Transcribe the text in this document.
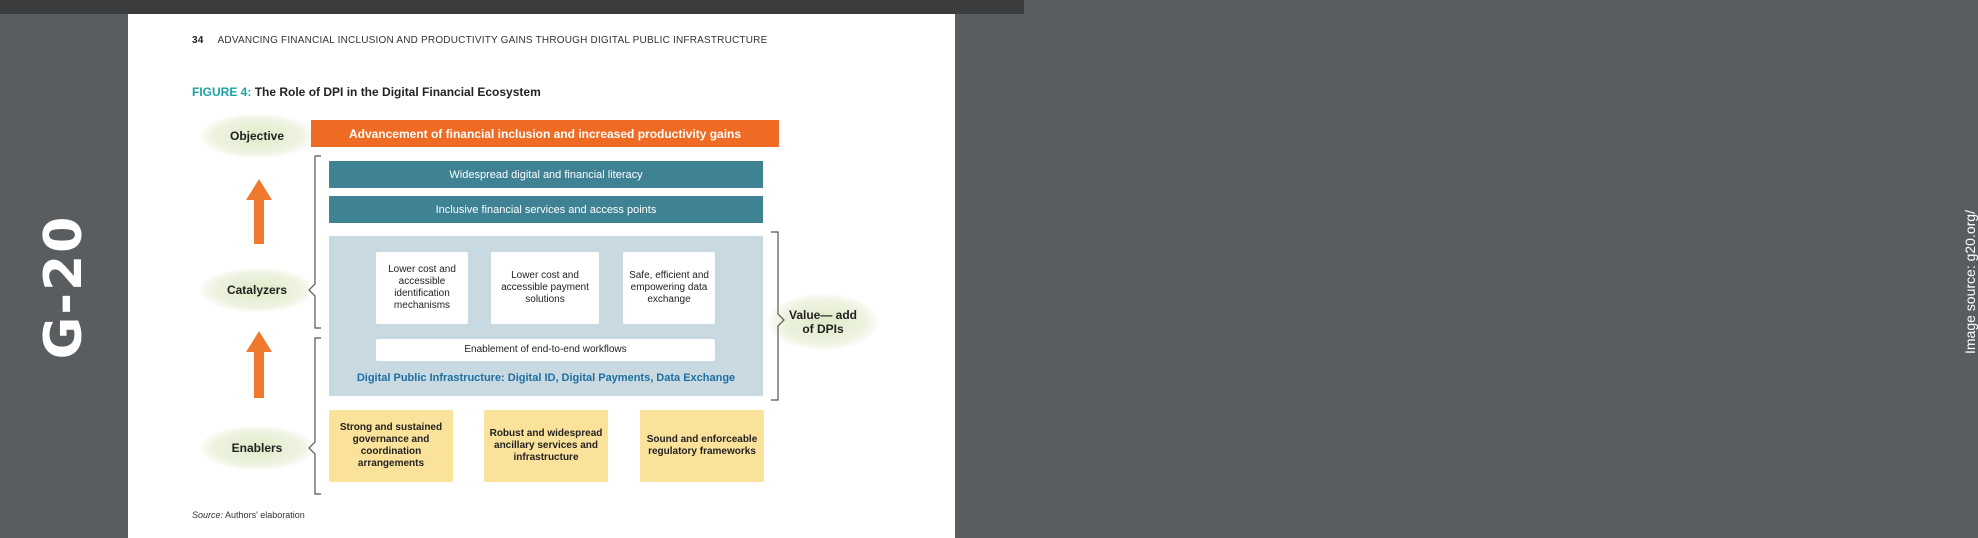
G-20	Image source: g20.org/
34 ADVANCING FINANCIAL INCLUSION AND PRODUCTIVITY GAINS THROUGH DIGITAL PUBLIC INFRASTRUCTURE
FIGURE 4: The Role of DPI in the Digital Financial Ecosystem
Objective
Catalyzers
Enablers
Value— add of DPIs
Advancement of financial inclusion and increased productivity gains
Widespread digital and financial literacy
Inclusive financial services and access points
Lower cost and accessible identification mechanisms
Lower cost and accessible payment solutions
Safe, efficient and empowering data exchange
Enablement of end-to-end workflows
Digital Public Infrastructure: Digital ID, Digital Payments, Data Exchange
Strong and sustained governance and coordination arrangements
Robust and widespread ancillary services and infrastructure
Sound and enforceable regulatory frameworks
Source: Authors' elaboration
